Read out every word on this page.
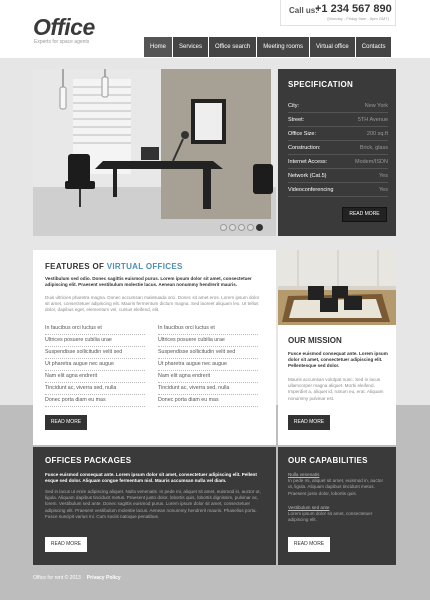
Office
Experts for space agents
Call us:
+1 234 567 890
(Monday - Friday 9am - 6pm GMT)
Home	Services	Office search	Meeting rooms	Virtual office	Contacts
SPECIFICATION
City:	New York
Street:	5TH Avenue
Office Size:	200 sq.ft
Construction:	Brick, glass
Internet Access:	Modem/ISDN
Network (Cat.5)	Yes
Videoconferencing	Yes
READ MORE
FEATURES OF VIRTUAL OFFICES
Vestibulum sed odio. Donec sagittis euismod purus. Lorem ipsum dolor sit amet, consectetuer adipiscing elit. Praesent vestibulum molestie lacus. Aenean nonummy hendrerit mauris.
Duis ultricies pharetra magna. Donec accumsan malesuada orci. Donec sit amet eros. Lorem ipsum dolor sit amet, consectetuer adipiscing elit. Mauris fermentum dictum magna. Sed laoreet aliquam leo. Ut tellus dolor, dapibus eget, elementum vel, cursus eleifend, elit.
In faucibus orci luctus et
Ultrices posuere cubilia urae
Suspendisse sollicitudin velit sed
Ut pharetra augue nec augue
Nam elit agna endrerit
Tincidunt ac, viverra sed, nulla
Donec porta diam eu mas
In faucibus orci luctus et
Ultrices posuere cubilia urae
Suspendisse sollicitudin velit sed
Ut pharetra augue nec augue
Nam elit agna endrerit
Tincidunt ac, viverra sed, nulla
Donec porta diam eu mas
READ MORE
OUR MISSION
Fusce euismod consequat ante. Lorem ipsum dolor sit amet, consectetuer adipiscing elit. Pellentesque sed dolor.
Mauris accumsan volutpat nunc. Sed in lacus ullamcorper magna aliquet. Morbi eleifend. Imperdiet a, aliquet id, rutrum eu, erat. Aliquam nonummy pulvinar est.
READ MORE
OFFICES PACKAGES
Fusce euismod consequat ante. Lorem ipsum dolor sit amet, consectetuer adipiscing elit. Pellent esque sed dolor. Aliquam congue fermentum nisl. Mauris accumsan nulla vel diam.
Sed in lacus ut enim adipiscing aliquet. Nulla venenatis. In pede mi, aliquet sit amet, euismod in, auctor ut, ligula. Aliquam dapibus tincidunt metus. Praesent justo dolor, lobortis quis, lobortis dignissim, pulvinar ac, lorem. Vestibulum sed ante. Donec sagittis euismod purus. Lorem ipsum dolor sit amet, consectetuer adipiscing elit. Praesent vestibulum molestie lacus. Aenean nonummy hendrerit mauris. Phasellus porta. Fusce suscipit varius mi. Cum sociis natoque penatibus.
READ MORE
OUR CAPABILITIES
Nulla venenatis
In pede mi, aliquet sit amet, euismod in, auctor ut, ligula. Aliquam dapibus tincidunt metus. Praesent justo dolor, lobortis quis.
Vestibulum sed ante
Lorem ipsum dolor sit amet, consectetuer adipiscing elit.
READ MORE
Office for rent © 2013 Privacy Policy
